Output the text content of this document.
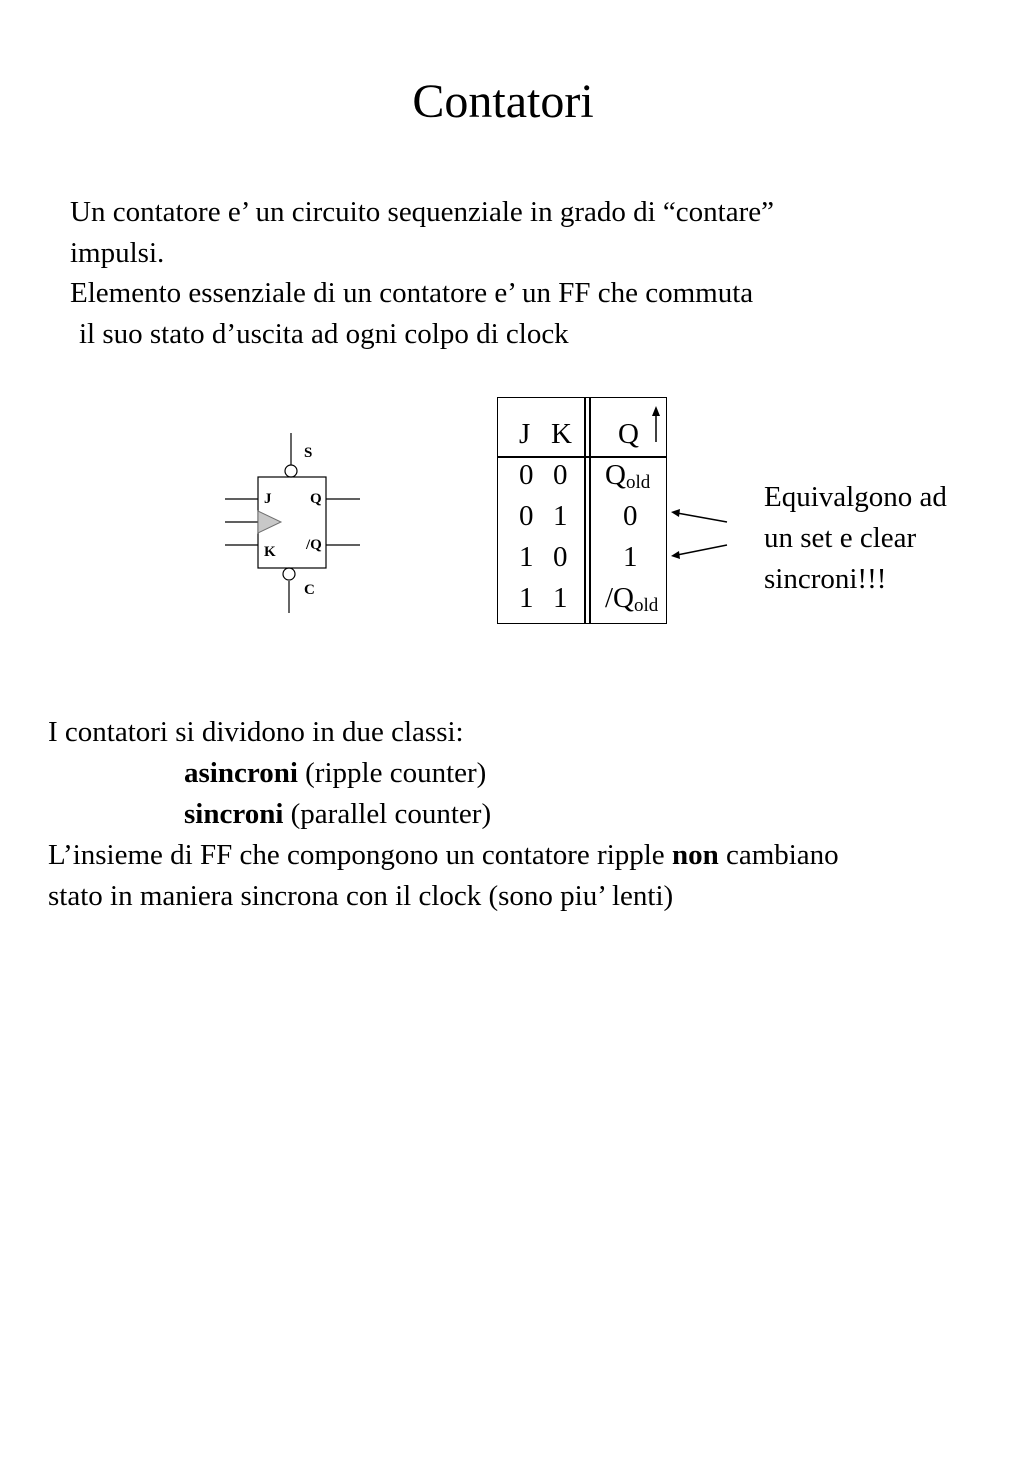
Contatori
Un contatore e’ un circuito sequenziale in grado di “contare”
impulsi.
Elemento essenziale di un contatore e’ un FF che commuta
il suo stato d’uscita ad ogni colpo di clock
S
J	Q
K /Q
C
J K Q
0 0 $Q_{old}$
0 1 0
1 0 1
1 1 $/Q_{old}$
Equivalgono ad
un set e clear
sincroni!!!
I contatori si dividono in due classi:
asincroni (ripple counter)
sincroni (parallel counter)
L’insieme di FF che compongono un contatore ripple non cambiano
stato in maniera sincrona con il clock (sono piu’ lenti)
